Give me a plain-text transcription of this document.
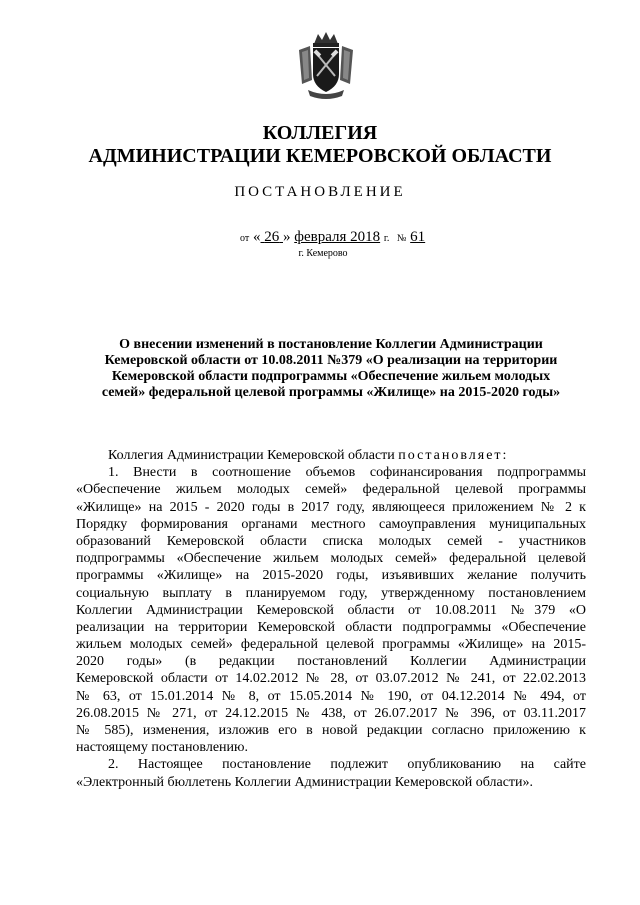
КОЛЛЕГИЯ
АДМИНИСТРАЦИИ КЕМЕРОВСКОЙ ОБЛАСТИ
ПОСТАНОВЛЕНИЕ
от « 26 » февраля 2018 г. № 61
г. Кемерово
О внесении изменений в постановление Коллегии Администрации
Кемеровской области от 10.08.2011 №379 «О реализации на территории
Кемеровской области подпрограммы «Обеспечение жильем молодых
семей» федеральной целевой программы «Жилище» на 2015-2020 годы»
Коллегия Администрации Кемеровской области постановляет:
1. Внести в соотношение объемов софинансирования подпрограммы
«Обеспечение жильем молодых семей» федеральной целевой программы
«Жилище» на 2015 - 2020 годы в 2017 году, являющееся приложением № 2 к
Порядку формирования органами местного самоуправления муниципальных
образований Кемеровской области списка молодых семей - участников
подпрограммы «Обеспечение жильем молодых семей» федеральной целевой
программы «Жилище» на 2015-2020 годы, изъявивших желание получить
социальную выплату в планируемом году, утвержденному постановлением
Коллегии Администрации Кемеровской области от 10.08.2011 №379 «О
реализации на территории Кемеровской области подпрограммы «Обеспечение
жильем молодых семей» федеральной целевой программы «Жилище» на 2015-
2020 годы» (в редакции постановлений Коллегии Администрации
Кемеровской области от 14.02.2012 № 28, от 03.07.2012 № 241, от 22.02.2013
№ 63, от 15.01.2014 № 8, от 15.05.2014 № 190, от 04.12.2014 № 494, от
26.08.2015 № 271, от 24.12.2015 № 438, от 26.07.2017 № 396, от 03.11.2017
№ 585), изменения, изложив его в новой редакции согласно приложению к
настоящему постановлению.
2. Настоящее постановление подлежит опубликованию на сайте
«Электронный бюллетень Коллегии Администрации Кемеровской области».
